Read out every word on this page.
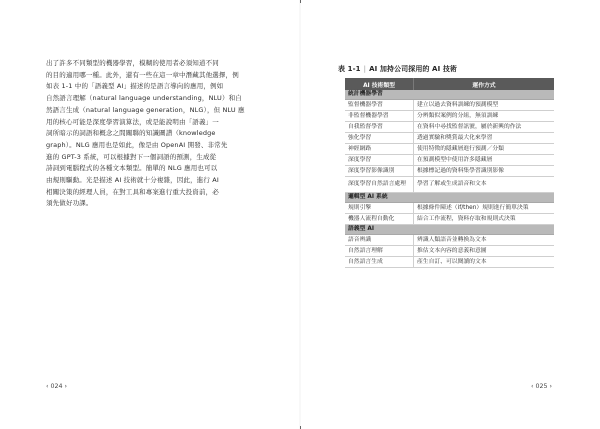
出了許多不同類型的機器學習，模糊的使用者必須知道不同
的目的適用哪一種。此外，還有一些在這一章中潛藏其他選擇，例
如表 1-1 中的「語義型 AI」描述的是語言導向的應用，例如
自然語言理解（natural language understanding，NLU）和自
然語言生成（natural language generation，NLG），但 NLU 應
用的核心可能是深度學習演算法，或是能說明由「語義」一
詞所暗示的詞語和概念之間關聯的知識圖譜（knowledge
graph）。NLG 應用也是如此，像是由 OpenAI 開發、非常先
進的 GPT-3 系統，可以根據對下一個詞語的預測，生成從
詩詞到電腦程式的各種文本類型。簡單的 NLG 應用也可以
由規則驅動。光是描述 AI 技術就十分複雜，因此，進行 AI
相關決策的經理人員，在對工具和專案進行重大投資前，必
須先做好功課。
‹ 024 ›
表 1-1 | AI 加持公司採用的 AI 技術
AI 技術類型	運作方式
統計機器學習	
監督機器學習	建立以過去資料訓練的預測模型
非監督機器學習	分辨類似案例的分組，無須訓練
自我監督學習	在資料中尋找監督訊號，屬於新興的作法
強化學習	透過實驗和獎賞最大化來學習
神經網路	使用特徵的隱藏層進行預測／分類
深度學習	在預測模型中使用許多隱藏層
深度學習影像識別	根據標記過的資料集學習識別影像
深度學習自然語言處理	學習了解或生成語音和文本
邏輯型 AI 系統	
規則引擎	根據條件陳述（if/then）規則進行簡單決策
機器人流程自動化	結合工作流程，資料存取和規則式決策
語義型 AI	
語音辨識	辨識人類語音並轉換為文本
自然語言理解	推估文本內容的意義和意圖
自然語言生成	產生自訂、可以閱讀的文本
‹ 025 ›
